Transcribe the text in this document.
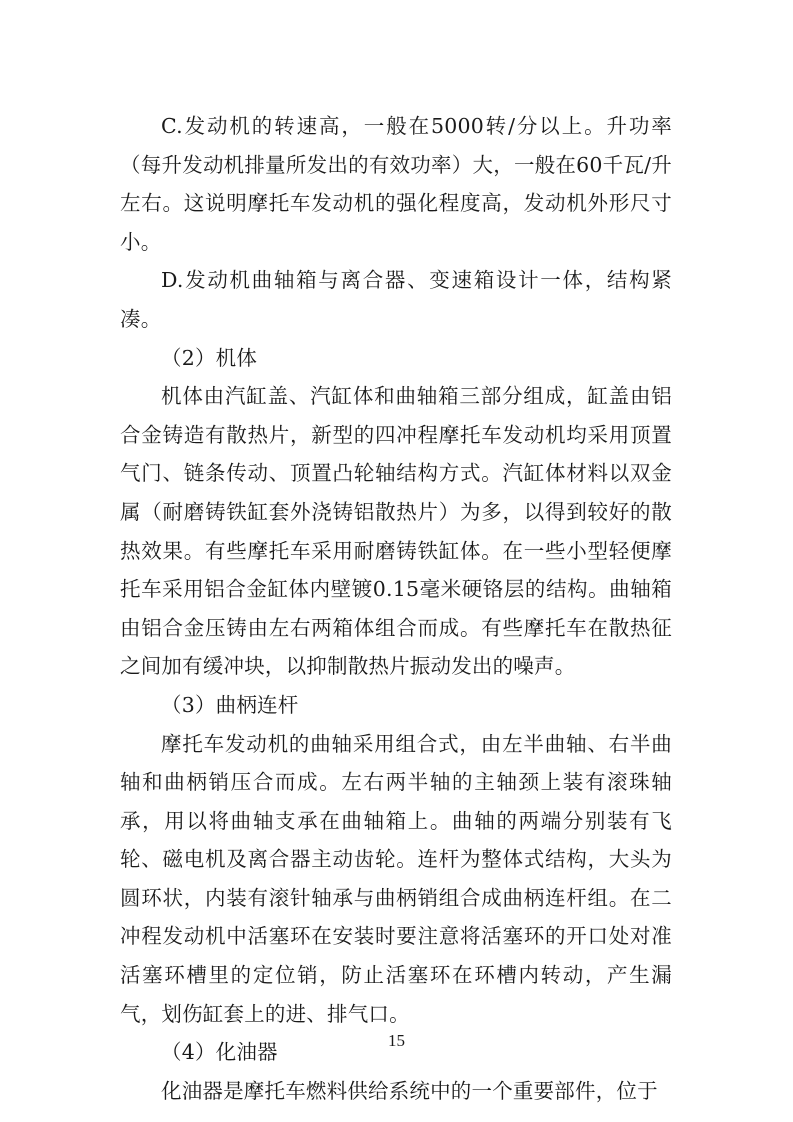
C.发动机的转速高，一般在5000转/分以上。升功率（每升发动机排量所发出的有效功率）大，一般在60千瓦/升左右。这说明摩托车发动机的强化程度高，发动机外形尺寸小。

D.发动机曲轴箱与离合器、变速箱设计一体，结构紧凑。

（2）机体

机体由汽缸盖、汽缸体和曲轴箱三部分组成，缸盖由铝合金铸造有散热片，新型的四冲程摩托车发动机均采用顶置气门、链条传动、顶置凸轮轴结构方式。汽缸体材料以双金属（耐磨铸铁缸套外浇铸铝散热片）为多，以得到较好的散热效果。有些摩托车采用耐磨铸铁缸体。在一些小型轻便摩托车采用铝合金缸体内壁镀0.15毫米硬铬层的结构。曲轴箱由铝合金压铸由左右两箱体组合而成。有些摩托车在散热征之间加有缓冲块，以抑制散热片振动发出的噪声。

（3）曲柄连杆

摩托车发动机的曲轴采用组合式，由左半曲轴、右半曲轴和曲柄销压合而成。左右两半轴的主轴颈上装有滚珠轴承，用以将曲轴支承在曲轴箱上。曲轴的两端分别装有飞轮、磁电机及离合器主动齿轮。连杆为整体式结构，大头为圆环状，内装有滚针轴承与曲柄销组合成曲柄连杆组。在二冲程发动机中活塞环在安装时要注意将活塞环的开口处对准活塞环槽里的定位销，防止活塞环在环槽内转动，产生漏气，划伤缸套上的进、排气口。

（4）化油器

化油器是摩托车燃料供给系统中的一个重要部件，位于

15
